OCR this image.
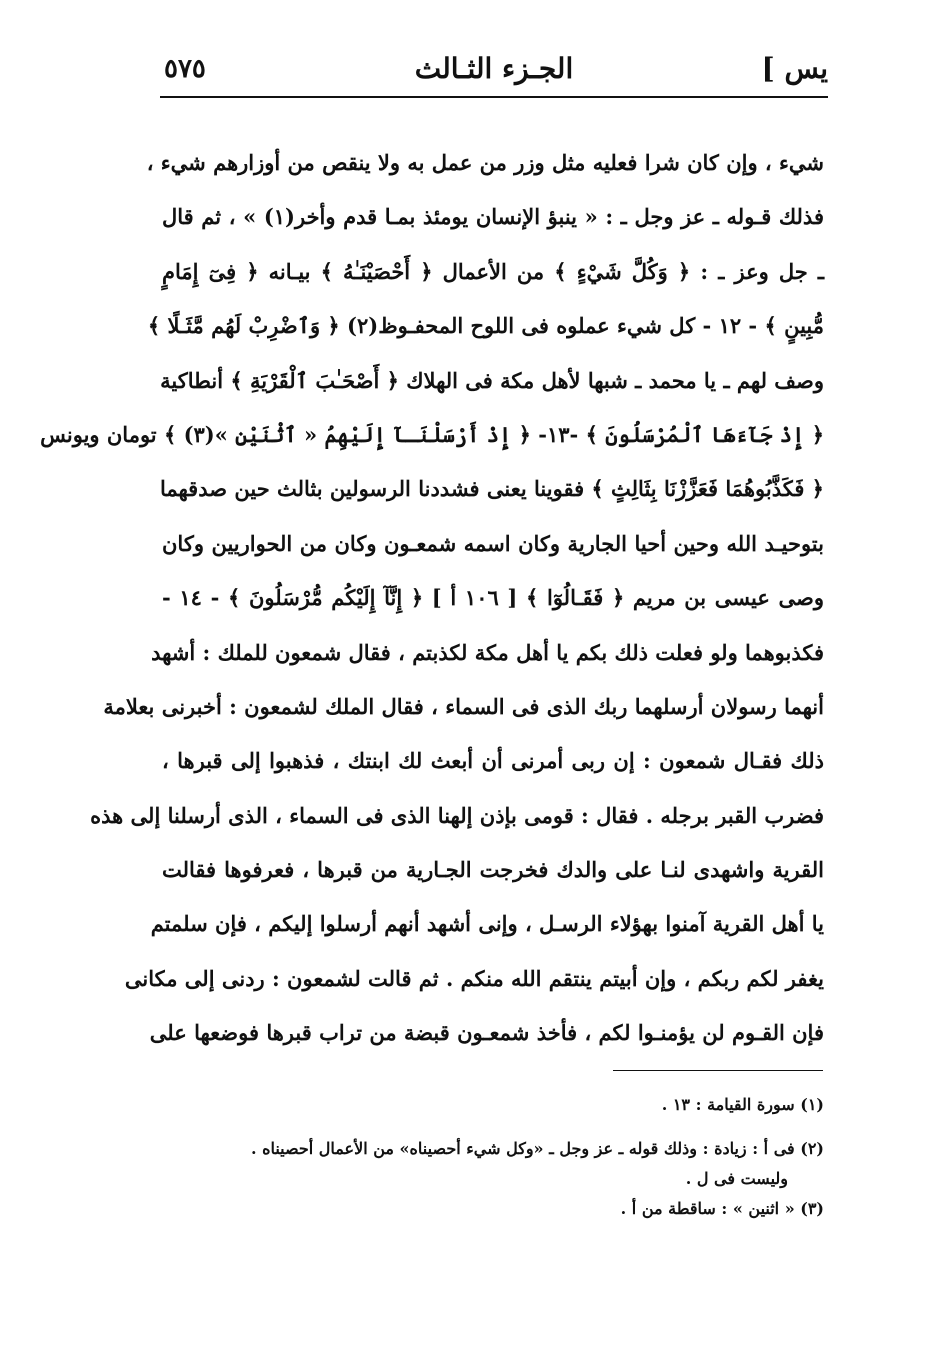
يس ]
الجـزء الثـالث
٥٧٥
شيء ، وإن كان شرا فعليه مثل وزر من عمل به ولا ينقص من أوزارهم شيء ،
فذلك قـوله ـ عز وجل ـ : « ينبؤ الإنسان يومئذ بمـا قدم وأخر(١) » ، ثم قال
ـ جل وعز ـ : ﴿ وَكُلَّ شَيْءٍ ﴾ من الأعمال ﴿ أَحْصَيْنَـٰهُ ﴾ بيـانه ﴿ فِىٓ إِمَامٍ
مُّبِينٍ ﴾ - ١٢ - كل شيء عملوه فى اللوح المحفـوظ(٢) ﴿ وَٱضْرِبْ لَهُم مَّثَـلًا ﴾
وصف لهم ـ يا محمد ـ شبها لأهل مكة فى الهلاك ﴿ أَصْحَـٰبَ ٱلْقَرْيَةِ ﴾ أنطاكية
﴿ إِذْ جَآءَهَا ٱلْمُرْسَلُونَ ﴾ -١٣- ﴿ إِذْ أَرْسَلْنَـآ إِلَيْهِمُ « ٱثْنَيْنِ »(٣) ﴾ تومان ويونس
﴿ فَكَذَّبُوهُمَا فَعَزَّزْنَا بِثَالِثٍ ﴾ فقوينا يعنى فشددنا الرسولين بثالث حين صدقهما
بتوحيـد الله وحين أحيا الجارية وكان اسمه شمعـون وكان من الحواريين وكان
وصى عيسى بن مريم ﴿ فَقَـالُوٓا ﴾ [ ١٠٦ أ ] ﴿ إِنَّآ إِلَيْكُم مُّرْسَلُونَ ﴾ - ١٤ -
فكذبوهما ولو فعلت ذلك بكم يا أهل مكة لكذبتم ، فقال شمعون للملك : أشهد
أنهما رسولان أرسلهما ربك الذى فى السماء ، فقال الملك لشمعون : أخبرنى بعلامة
ذلك فقـال شمعون : إن ربى أمرنى أن أبعث لك ابنتك ، فذهبوا إلى قبرها ،
فضرب القبر برجله . فقال : قومى بإذن إلهنا الذى فى السماء ، الذى أرسلنا إلى هذه
القرية واشهدى لنـا على والدك فخرجت الجـارية من قبرها ، فعرفوها فقالت
يا أهل القرية آمنوا بهؤلاء الرسـل ، وإنى أشهد أنهم أرسلوا إليكم ، فإن سلمتم
يغفر لكم ربكم ، وإن أبيتم ينتقم الله منكم . ثم قالت لشمعون : ردنى إلى مكانى
فإن القـوم لن يؤمنـوا لكم ، فأخذ شمعـون قبضة من تراب قبرها فوضعها على
(١) سورة القيامة : ١٣ .
(٢) فى أ : زيادة : وذلك قوله ـ عز وجل ـ «وكل شيء أحصيناه» من الأعمال أحصيناه .
وليست فى ل .
(٣) « اثنين » : ساقطة من أ .
